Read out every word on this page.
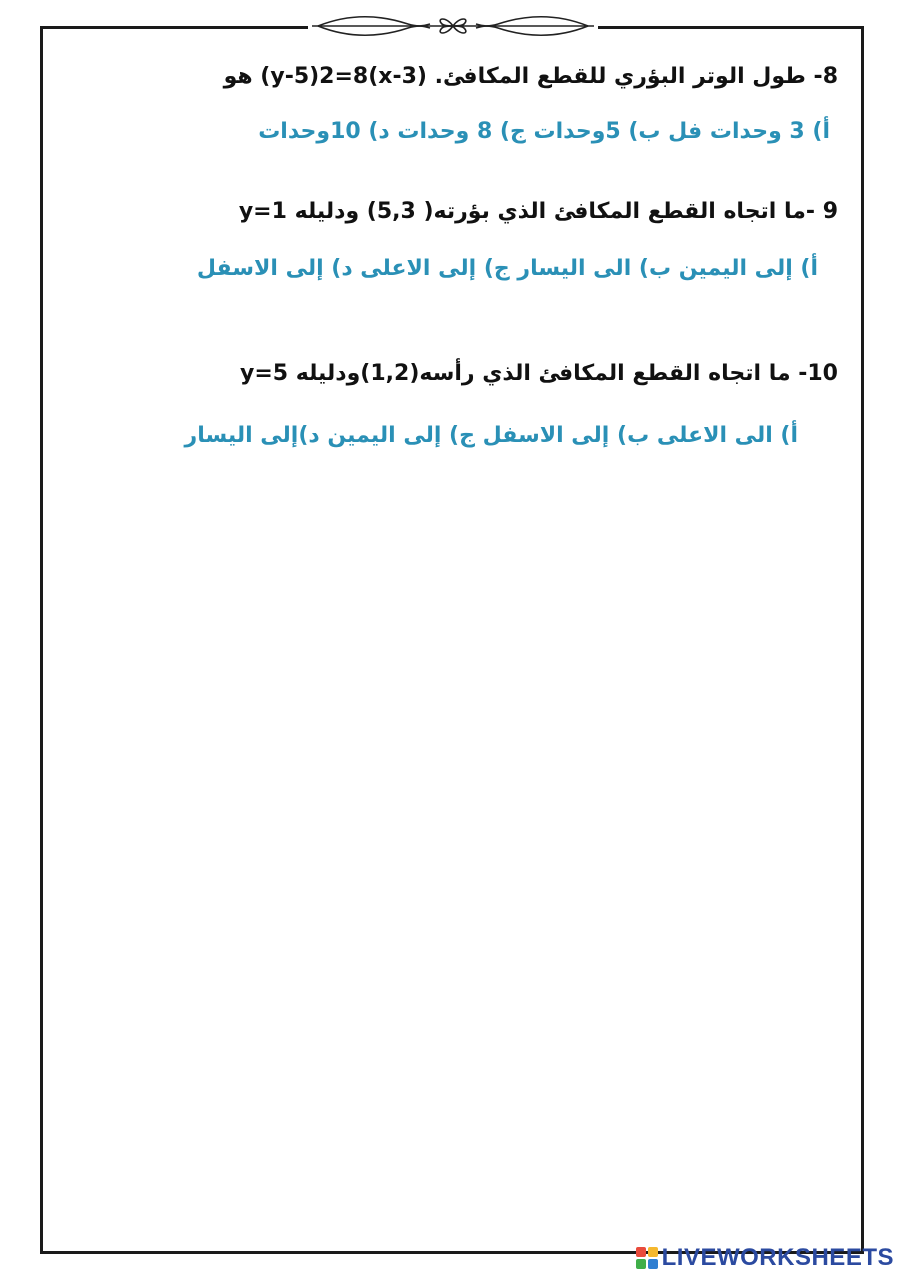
8- طول الوتر البؤري للقطع المكافئ. ‎(y-5)2=8(x-3)‏ هو
أ) 3 وحدات فل ب) 5وحدات ج) 8 وحدات د) 10وحدات
9 -ما اتجاه القطع المكافئ الذي بؤرته( 5,3) ودليله ‎y=1
أ) إلى اليمين ب) الى اليسار ج) إلى الاعلى د) إلى الاسفل
10- ما اتجاه القطع المكافئ الذي رأسه(1,2)ودليله ‎y=5
أ) الى الاعلى ب) إلى الاسفل ج) إلى اليمين د)إلى اليسار
LIVEWORKSHEETS
